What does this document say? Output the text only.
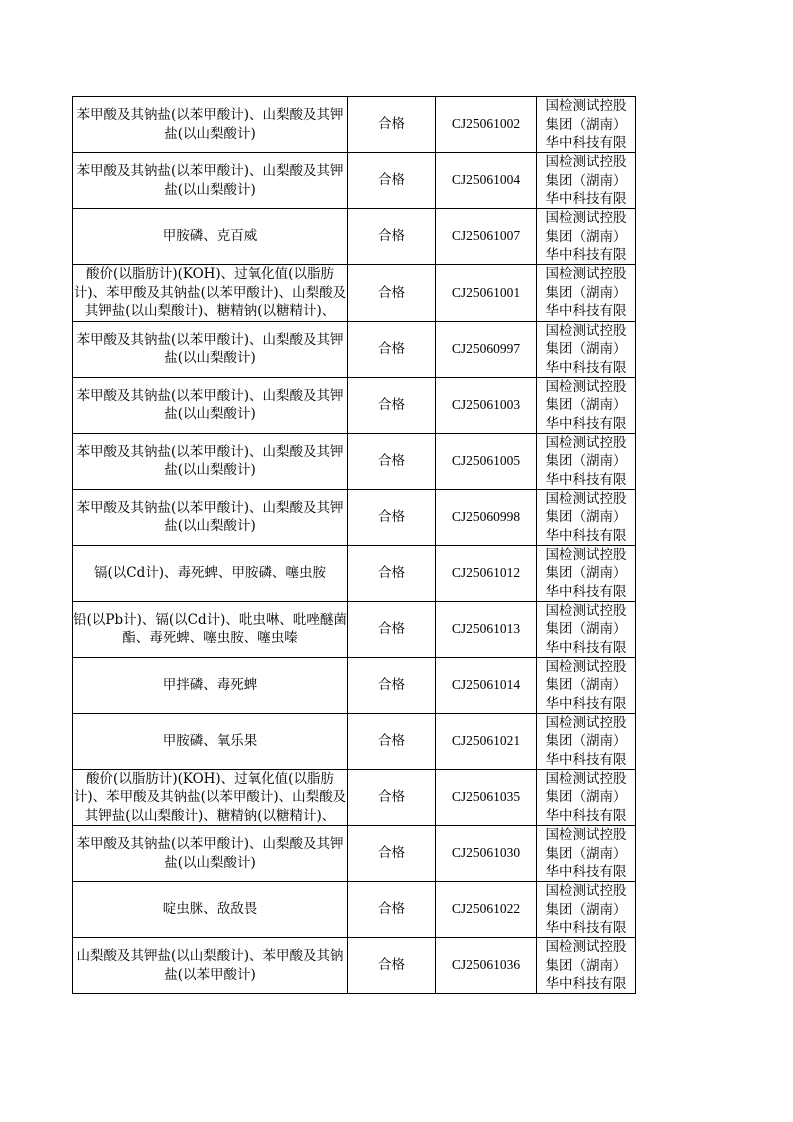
苯甲酸及其钠盐(以苯甲酸计)、山梨酸及其钾盐(以山梨酸计)	合格	CJ25061002	国检测试控股集团（湖南）华中科技有限

苯甲酸及其钠盐(以苯甲酸计)、山梨酸及其钾盐(以山梨酸计)	合格	CJ25061004	国检测试控股集团（湖南）华中科技有限

甲胺磷、克百威	合格	CJ25061007	国检测试控股集团（湖南）华中科技有限

酸价(以脂肪计)(KOH)、过氧化值(以脂肪计)、苯甲酸及其钠盐(以苯甲酸计)、山梨酸及其钾盐(以山梨酸计)、糖精钠(以糖精计)、	合格	CJ25061001	国检测试控股集团（湖南）华中科技有限

苯甲酸及其钠盐(以苯甲酸计)、山梨酸及其钾盐(以山梨酸计)	合格	CJ25060997	国检测试控股集团（湖南）华中科技有限

苯甲酸及其钠盐(以苯甲酸计)、山梨酸及其钾盐(以山梨酸计)	合格	CJ25061003	国检测试控股集团（湖南）华中科技有限

苯甲酸及其钠盐(以苯甲酸计)、山梨酸及其钾盐(以山梨酸计)	合格	CJ25061005	国检测试控股集团（湖南）华中科技有限

苯甲酸及其钠盐(以苯甲酸计)、山梨酸及其钾盐(以山梨酸计)	合格	CJ25060998	国检测试控股集团（湖南）华中科技有限

镉(以Cd计)、毒死蜱、甲胺磷、噻虫胺	合格	CJ25061012	国检测试控股集团（湖南）华中科技有限

铅(以Pb计)、镉(以Cd计)、吡虫啉、吡唑醚菌酯、毒死蜱、噻虫胺、噻虫嗪	合格	CJ25061013	国检测试控股集团（湖南）华中科技有限

甲拌磷、毒死蜱	合格	CJ25061014	国检测试控股集团（湖南）华中科技有限

甲胺磷、氧乐果	合格	CJ25061021	国检测试控股集团（湖南）华中科技有限

酸价(以脂肪计)(KOH)、过氧化值(以脂肪计)、苯甲酸及其钠盐(以苯甲酸计)、山梨酸及其钾盐(以山梨酸计)、糖精钠(以糖精计)、	合格	CJ25061035	国检测试控股集团（湖南）华中科技有限

苯甲酸及其钠盐(以苯甲酸计)、山梨酸及其钾盐(以山梨酸计)	合格	CJ25061030	国检测试控股集团（湖南）华中科技有限

啶虫脒、敌敌畏	合格	CJ25061022	国检测试控股集团（湖南）华中科技有限

山梨酸及其钾盐(以山梨酸计)、苯甲酸及其钠盐(以苯甲酸计)	合格	CJ25061036	国检测试控股集团（湖南）华中科技有限
